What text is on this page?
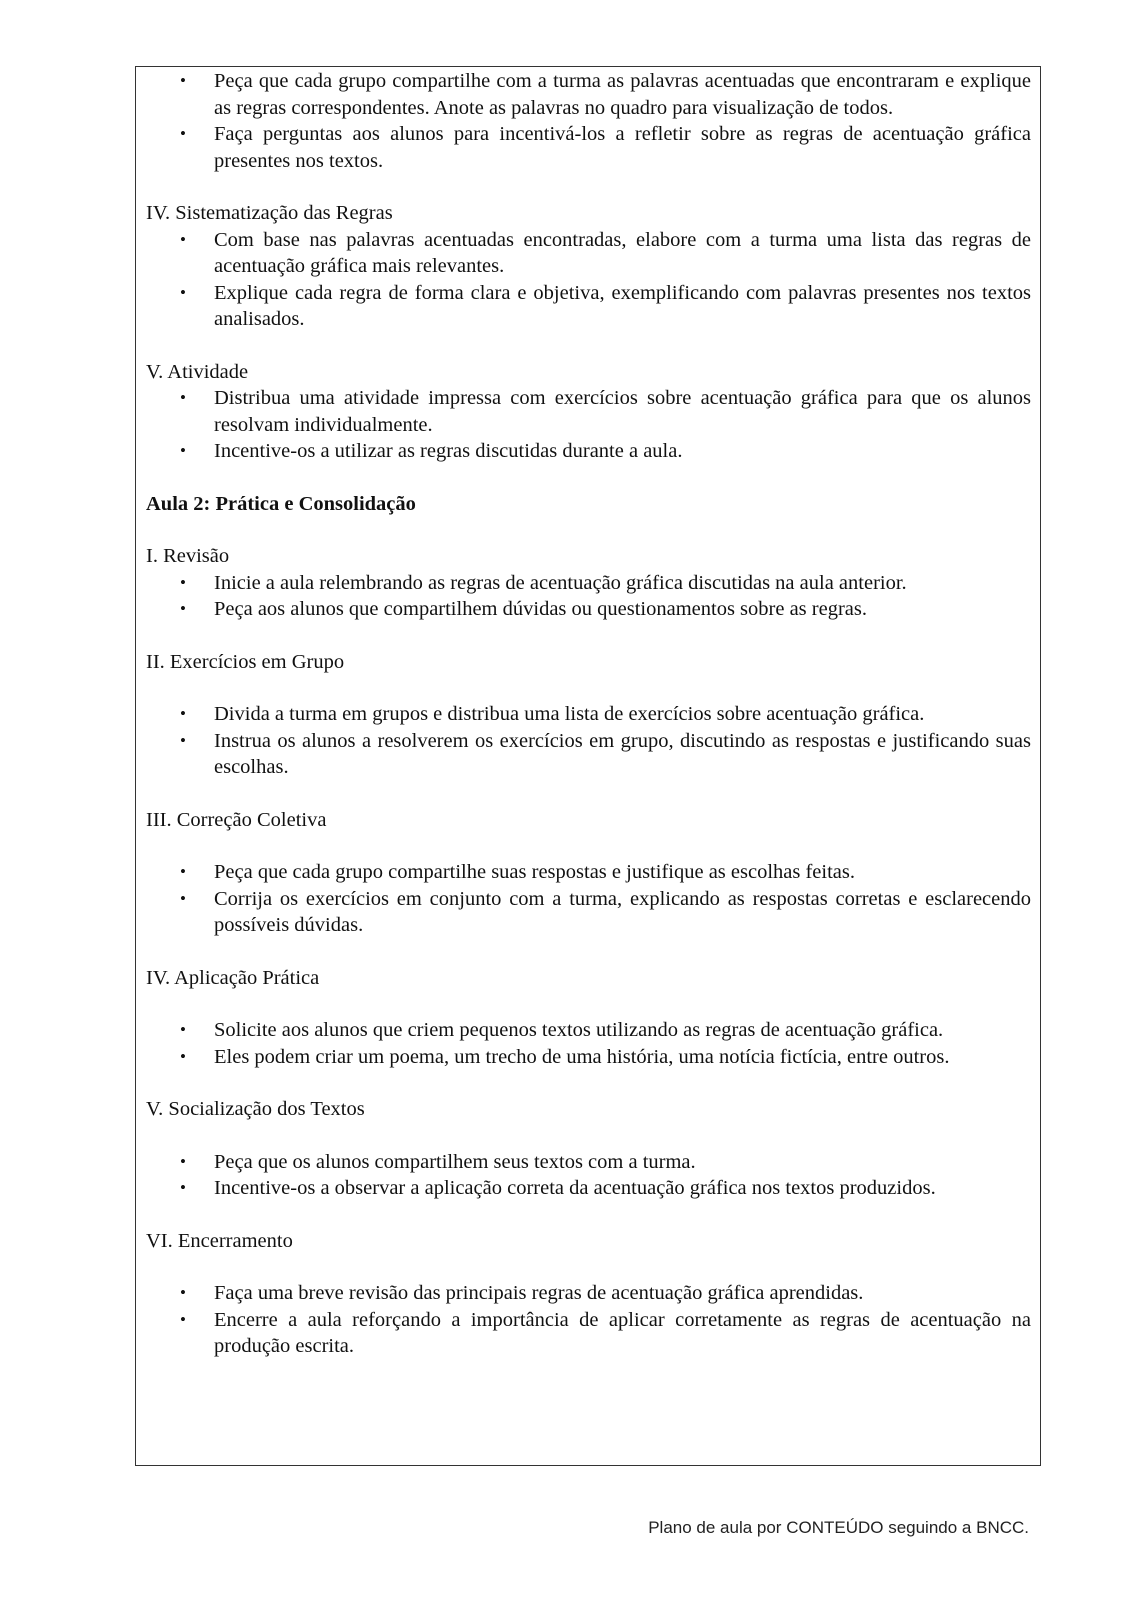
• Peça que cada grupo compartilhe com a turma as palavras acentuadas que encontraram e explique as regras correspondentes. Anote as palavras no quadro para visualização de todos.
• Faça perguntas aos alunos para incentivá-los a refletir sobre as regras de acentuação gráfica presentes nos textos.

IV. Sistematização das Regras

• Com base nas palavras acentuadas encontradas, elabore com a turma uma lista das regras de acentuação gráfica mais relevantes.
• Explique cada regra de forma clara e objetiva, exemplificando com palavras presentes nos textos analisados.

V. Atividade

• Distribua uma atividade impressa com exercícios sobre acentuação gráfica para que os alunos resolvam individualmente.
• Incentive-os a utilizar as regras discutidas durante a aula.

Aula 2: Prática e Consolidação

I. Revisão

• Inicie a aula relembrando as regras de acentuação gráfica discutidas na aula anterior.
• Peça aos alunos que compartilhem dúvidas ou questionamentos sobre as regras.

II. Exercícios em Grupo

• Divida a turma em grupos e distribua uma lista de exercícios sobre acentuação gráfica.
• Instrua os alunos a resolverem os exercícios em grupo, discutindo as respostas e justificando suas escolhas.

III. Correção Coletiva

• Peça que cada grupo compartilhe suas respostas e justifique as escolhas feitas.
• Corrija os exercícios em conjunto com a turma, explicando as respostas corretas e esclarecendo possíveis dúvidas.

IV. Aplicação Prática

• Solicite aos alunos que criem pequenos textos utilizando as regras de acentuação gráfica.
• Eles podem criar um poema, um trecho de uma história, uma notícia fictícia, entre outros.

V. Socialização dos Textos

• Peça que os alunos compartilhem seus textos com a turma.
• Incentive-os a observar a aplicação correta da acentuação gráfica nos textos produzidos.

VI. Encerramento

• Faça uma breve revisão das principais regras de acentuação gráfica aprendidas.
• Encerre a aula reforçando a importância de aplicar corretamente as regras de acentuação na produção escrita.
Plano de aula por CONTEÚDO seguindo a BNCC.
